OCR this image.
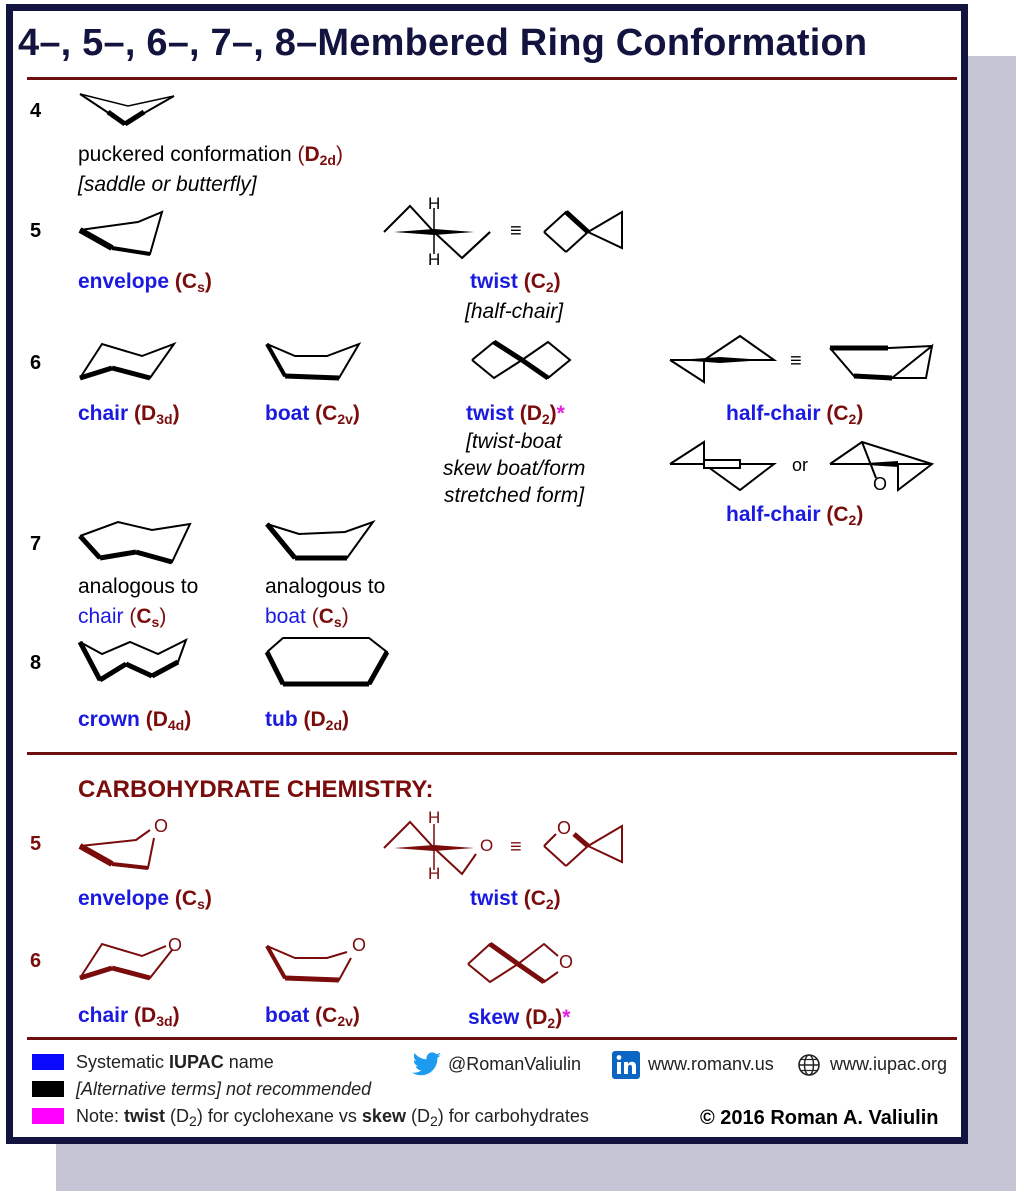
4–, 5–, 6–, 7–, 8–Membered Ring Conformation
4
puckered conformation $(D_{2d})$
[saddle or butterfly]
5
envelope $(C_s)$
H
H
≡
twist $(C_2)$
[half-chair]
6
chair $(D_{3d})$	boat $(C_{2v})$	twist $(D_2)*$
[twist-boat
skew boat/form
stretched form]
≡
half-chair $(C_2)$
or
O
half-chair $(C_2)$
7
analogous to
chair $(C_s)$
analogous to
boat $(C_s)$
8
crown $(D_{4d})$	tub $(D_{2d})$
CARBOHYDRATE CHEMISTRY:
5
O
envelope $(C_s)$
H
H
O ≡
O
twist $(C_2)$
6
O
chair $(D_{3d})$
O
boat $(C_{2v})$
O
skew $(D_2)*$
Systematic IUPAC name
[Alternative terms] not recommended
Note: twist $(D_2)$ for cyclohexane vs skew $(D_2)$ for carbohydrates
@RomanValiulin	www.romanv.us	www.iupac.org
© 2016 Roman A. Valiulin
